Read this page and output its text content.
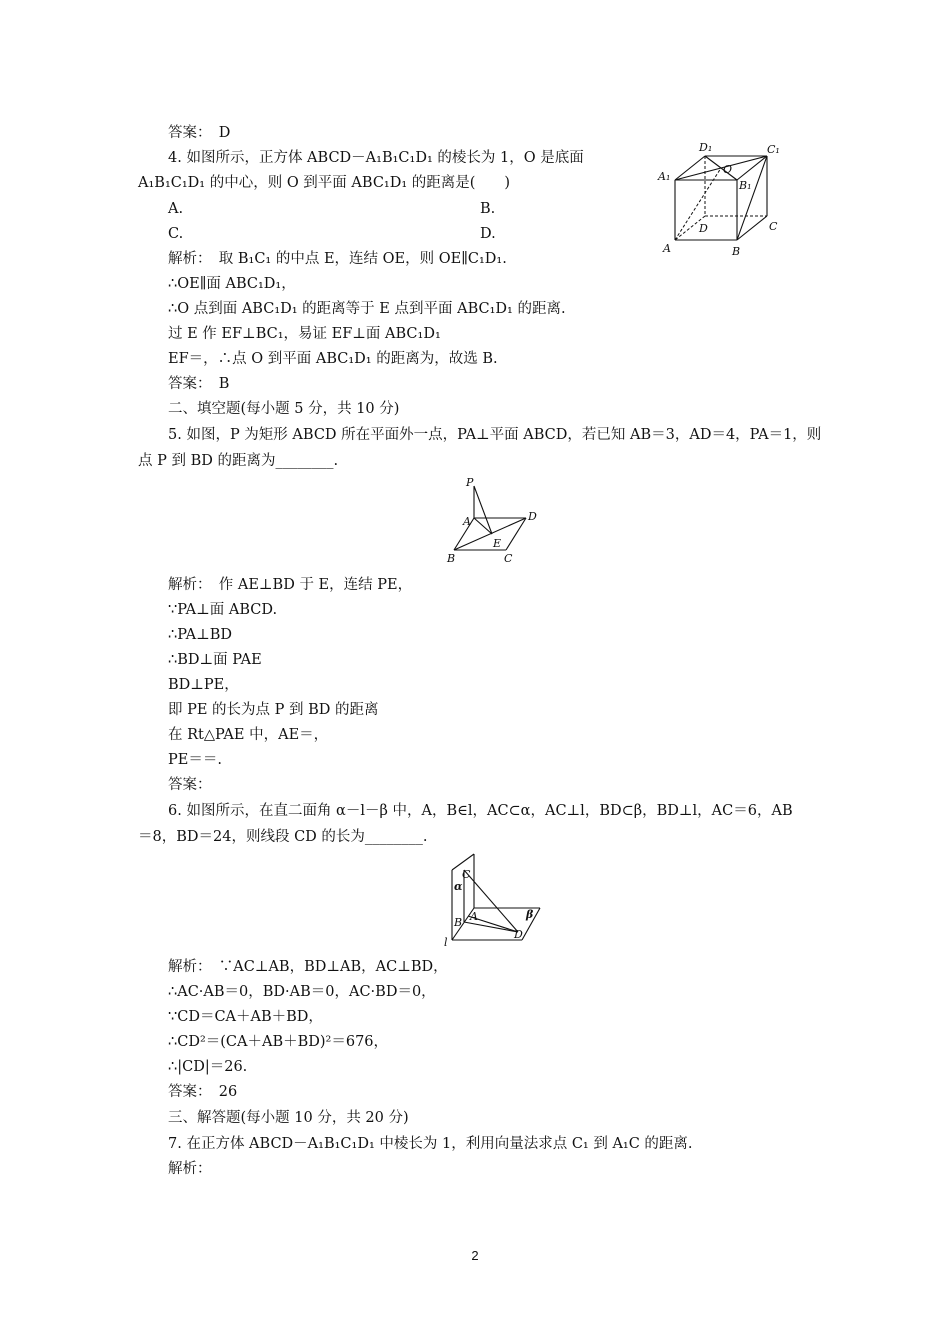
答案：　D
4. 如图所示，正方体 ABCD－A₁B₁C₁D₁ 的棱长为 1，O 是底面
A₁B₁C₁D₁ 的中心，则 O 到平面 ABC₁D₁ 的距离是(　　)
A.	B.
C.	D.
解析：　取 B₁C₁ 的中点 E，连结 OE，则 OE∥C₁D₁.
∴OE∥面 ABC₁D₁，
∴O 点到面 ABC₁D₁ 的距离等于 E 点到平面 ABC₁D₁ 的距离.
过 E 作 EF⊥BC₁，易证 EF⊥面 ABC₁D₁
EF＝，∴点 O 到平面 ABC₁D₁ 的距离为，故选 B.
答案：　B
二、填空题(每小题 5 分，共 10 分)
5. 如图，P 为矩形 ABCD 所在平面外一点，PA⊥平面 ABCD，若已知 AB＝3，AD＝4，PA＝1，则
点 P 到 BD 的距离为________.
解析：　作 AE⊥BD 于 E，连结 PE，
∵PA⊥面 ABCD.
∴PA⊥BD
∴BD⊥面 PAE
BD⊥PE，
即 PE 的长为点 P 到 BD 的距离
在 Rt△PAE 中，AE＝，
PE＝＝.
答案：
6. 如图所示，在直二面角 α－l－β 中，A，B∈l，AC⊂α，AC⊥l，BD⊂β，BD⊥l，AC＝6，AB
＝8，BD＝24，则线段 CD 的长为________.
解析：　∵AC⊥AB，BD⊥AB，AC⊥BD，
∴AC·AB＝0，BD·AB＝0，AC·BD＝0，
∵CD＝CA＋AB＋BD，
∴CD²＝(CA＋AB＋BD)²＝676，
∴|CD|＝26.
答案：　26
三、解答题(每小题 10 分，共 20 分)
7. 在正方体 ABCD－A₁B₁C₁D₁ 中棱长为 1，利用向量法求点 C₁ 到 A₁C 的距离.
解析：
D₁	C₁
A₁
O
B₁
D	C
A	B
P
A	D
E
B	C
C
α
A
B
β
D
l
2
